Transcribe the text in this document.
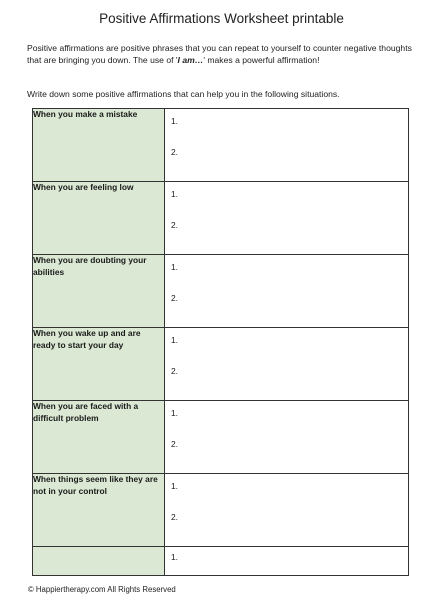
Positive Affirmations Worksheet printable
Positive affirmations are positive phrases that you can repeat to yourself to counter negative thoughts that are bringing you down. The use of 'I am…' makes a powerful affirmation!
Write down some positive affirmations that can help you in the following situations.
When you make a mistake	1.
2.

When you are feeling low	1.
2.

When you are doubting your abilities	1.
2.

When you wake up and are ready to start your day	1.
2.

When you are faced with a difficult problem	1.
2.

When things seem like they are not in your control	1.
2.

	1.
© Happiertherapy.com All Rights Reserved
